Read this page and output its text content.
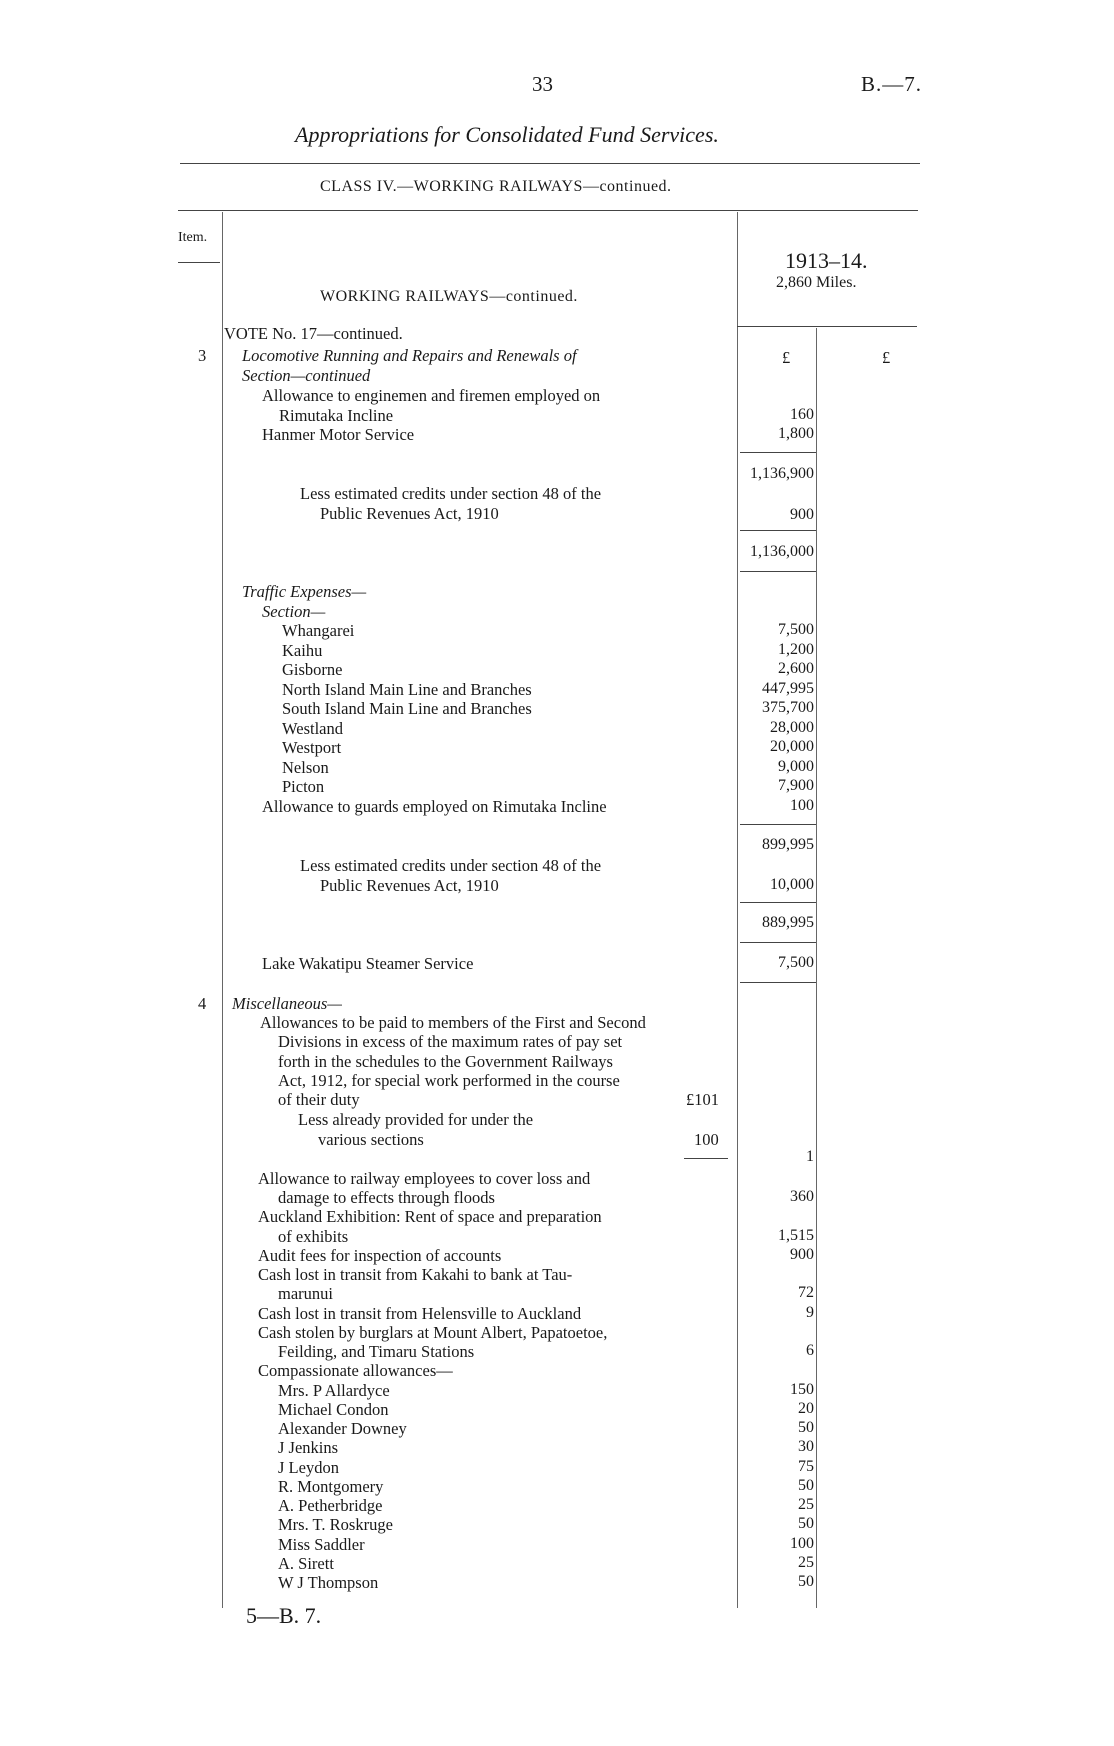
33	B.—7.
Appropriations for Consolidated Fund Services.
CLASS IV.—WORKING RAILWAYS—continued.
Item.
WORKING RAILWAYS—continued.
1913–14.
2,860 Miles.
£	£
VOTE No. 17—continued.
3 Locomotive Running and Repairs and Renewals of
Section—continued
Allowance to enginemen and firemen employed on
Rimutaka Incline	160
Hanmer Motor Service	1,800
1,136,900
Less estimated credits under section 48 of the
Public Revenues Act, 1910	900
1,136,000
Traffic Expenses—
Section—
Whangarei	7,500
Kaihu	1,200
Gisborne	2,600
North Island Main Line and Branches	447,995
South Island Main Line and Branches	375,700
Westland	28,000
Westport	20,000
Nelson	9,000
Picton	7,900
Allowance to guards employed on Rimutaka Incline	100
899,995
Less estimated credits under section 48 of the
Public Revenues Act, 1910	10,000
889,995
Lake Wakatipu Steamer Service	7,500
4 Miscellaneous—
Allowances to be paid to members of the First and Second
Divisions in excess of the maximum rates of pay set
forth in the schedules to the Government Railways
Act, 1912, for special work performed in the course
of their duty	£101
Less already provided for under the
various sections	100
1
Allowance to railway employees to cover loss and
damage to effects through floods	360
Auckland Exhibition: Rent of space and preparation
of exhibits	1,515
Audit fees for inspection of accounts	900
Cash lost in transit from Kakahi to bank at Tau-
marunui	72
Cash lost in transit from Helensville to Auckland	9
Cash stolen by burglars at Mount Albert, Papatoetoe,
Feilding, and Timaru Stations	6
Compassionate allowances—
Mrs. P Allardyce	150
Michael Condon	20
Alexander Downey	50
J Jenkins	30
J Leydon	75
R. Montgomery	50
A. Petherbridge	25
Mrs. T. Roskruge	50
Miss Saddler	100
A. Sirett	25
W J Thompson	50
5—B. 7.
